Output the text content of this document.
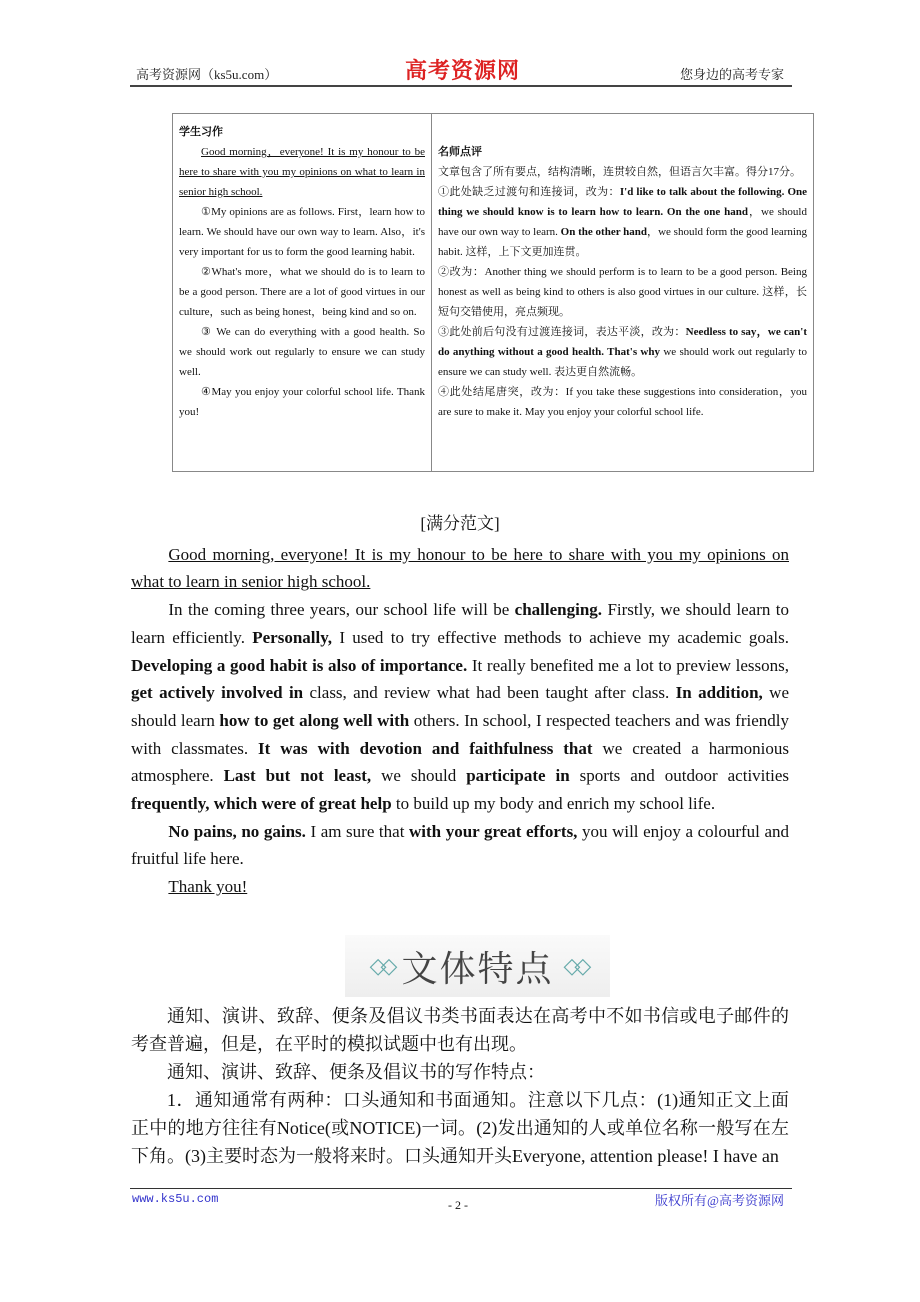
高考资源网（ks5u.com）	高考资源网	您身边的高考专家
学生习作

Good morning，everyone! It is my honour to be here to share with you my opinions on what to learn in senior high school.

①My opinions are as follows. First，learn how to learn. We should have our own way to learn. Also，it's very important for us to form the good learning habit.

②What's more，what we should do is to learn to be a good person. There are a lot of good virtues in our culture，such as being honest，being kind and so on.

③ We can do everything with a good health. So we should work out regularly to ensure we can study well.

④May you enjoy your colorful school life. Thank you!

名师点评

文章包含了所有要点，结构清晰，连贯较自然，但语言欠丰富。得分17分。

①此处缺乏过渡句和连接词，改为：I'd like to talk about the following. One thing we should know is to learn how to learn. On the one hand，we should have our own way to learn. On the other hand，we should form the good learning habit. 这样，上下文更加连贯。

②改为：Another thing we should perform is to learn to be a good person. Being honest as well as being kind to others is also good virtues in our culture. 这样，长短句交错使用，亮点频现。

③此处前后句没有过渡连接词，表达平淡，改为：Needless to say，we can't do anything without a good health. That's why we should work out regularly to ensure we can study well. 表达更自然流畅。

④此处结尾唐突，改为：If you take these suggestions into consideration，you are sure to make it. May you enjoy your colorful school life.

[满分范文]

Good morning, everyone! It is my honour to be here to share with you my opinions on what to learn in senior high school.

In the coming three years, our school life will be challenging. Firstly, we should learn to learn efficiently. Personally, I used to try effective methods to achieve my academic goals. Developing a good habit is also of importance. It really benefited me a lot to preview lessons, get actively involved in class, and review what had been taught after class. In addition, we should learn how to get along well with others. In school, I respected teachers and was friendly with classmates. It was with devotion and faithfulness that we created a harmonious atmosphere. Last but not least, we should participate in sports and outdoor activities frequently, which were of great help to build up my body and enrich my school life.

No pains, no gains. I am sure that with your great efforts, you will enjoy a colourful and fruitful life here.

Thank you!

◇◇ 文体特点 ◇◇

通知、演讲、致辞、便条及倡议书类书面表达在高考中不如书信或电子邮件的考查普遍，但是，在平时的模拟试题中也有出现。

通知、演讲、致辞、便条及倡议书的写作特点：

1．通知通常有两种：口头通知和书面通知。注意以下几点：(1)通知正文上面正中的地方往往有Notice(或NOTICE)一词。(2)发出通知的人或单位名称一般写在左下角。(3)主要时态为一般将来时。口头通知开头Everyone, attention please! I have an

www.ks5u.com	- 2 -	版权所有@高考资源网
